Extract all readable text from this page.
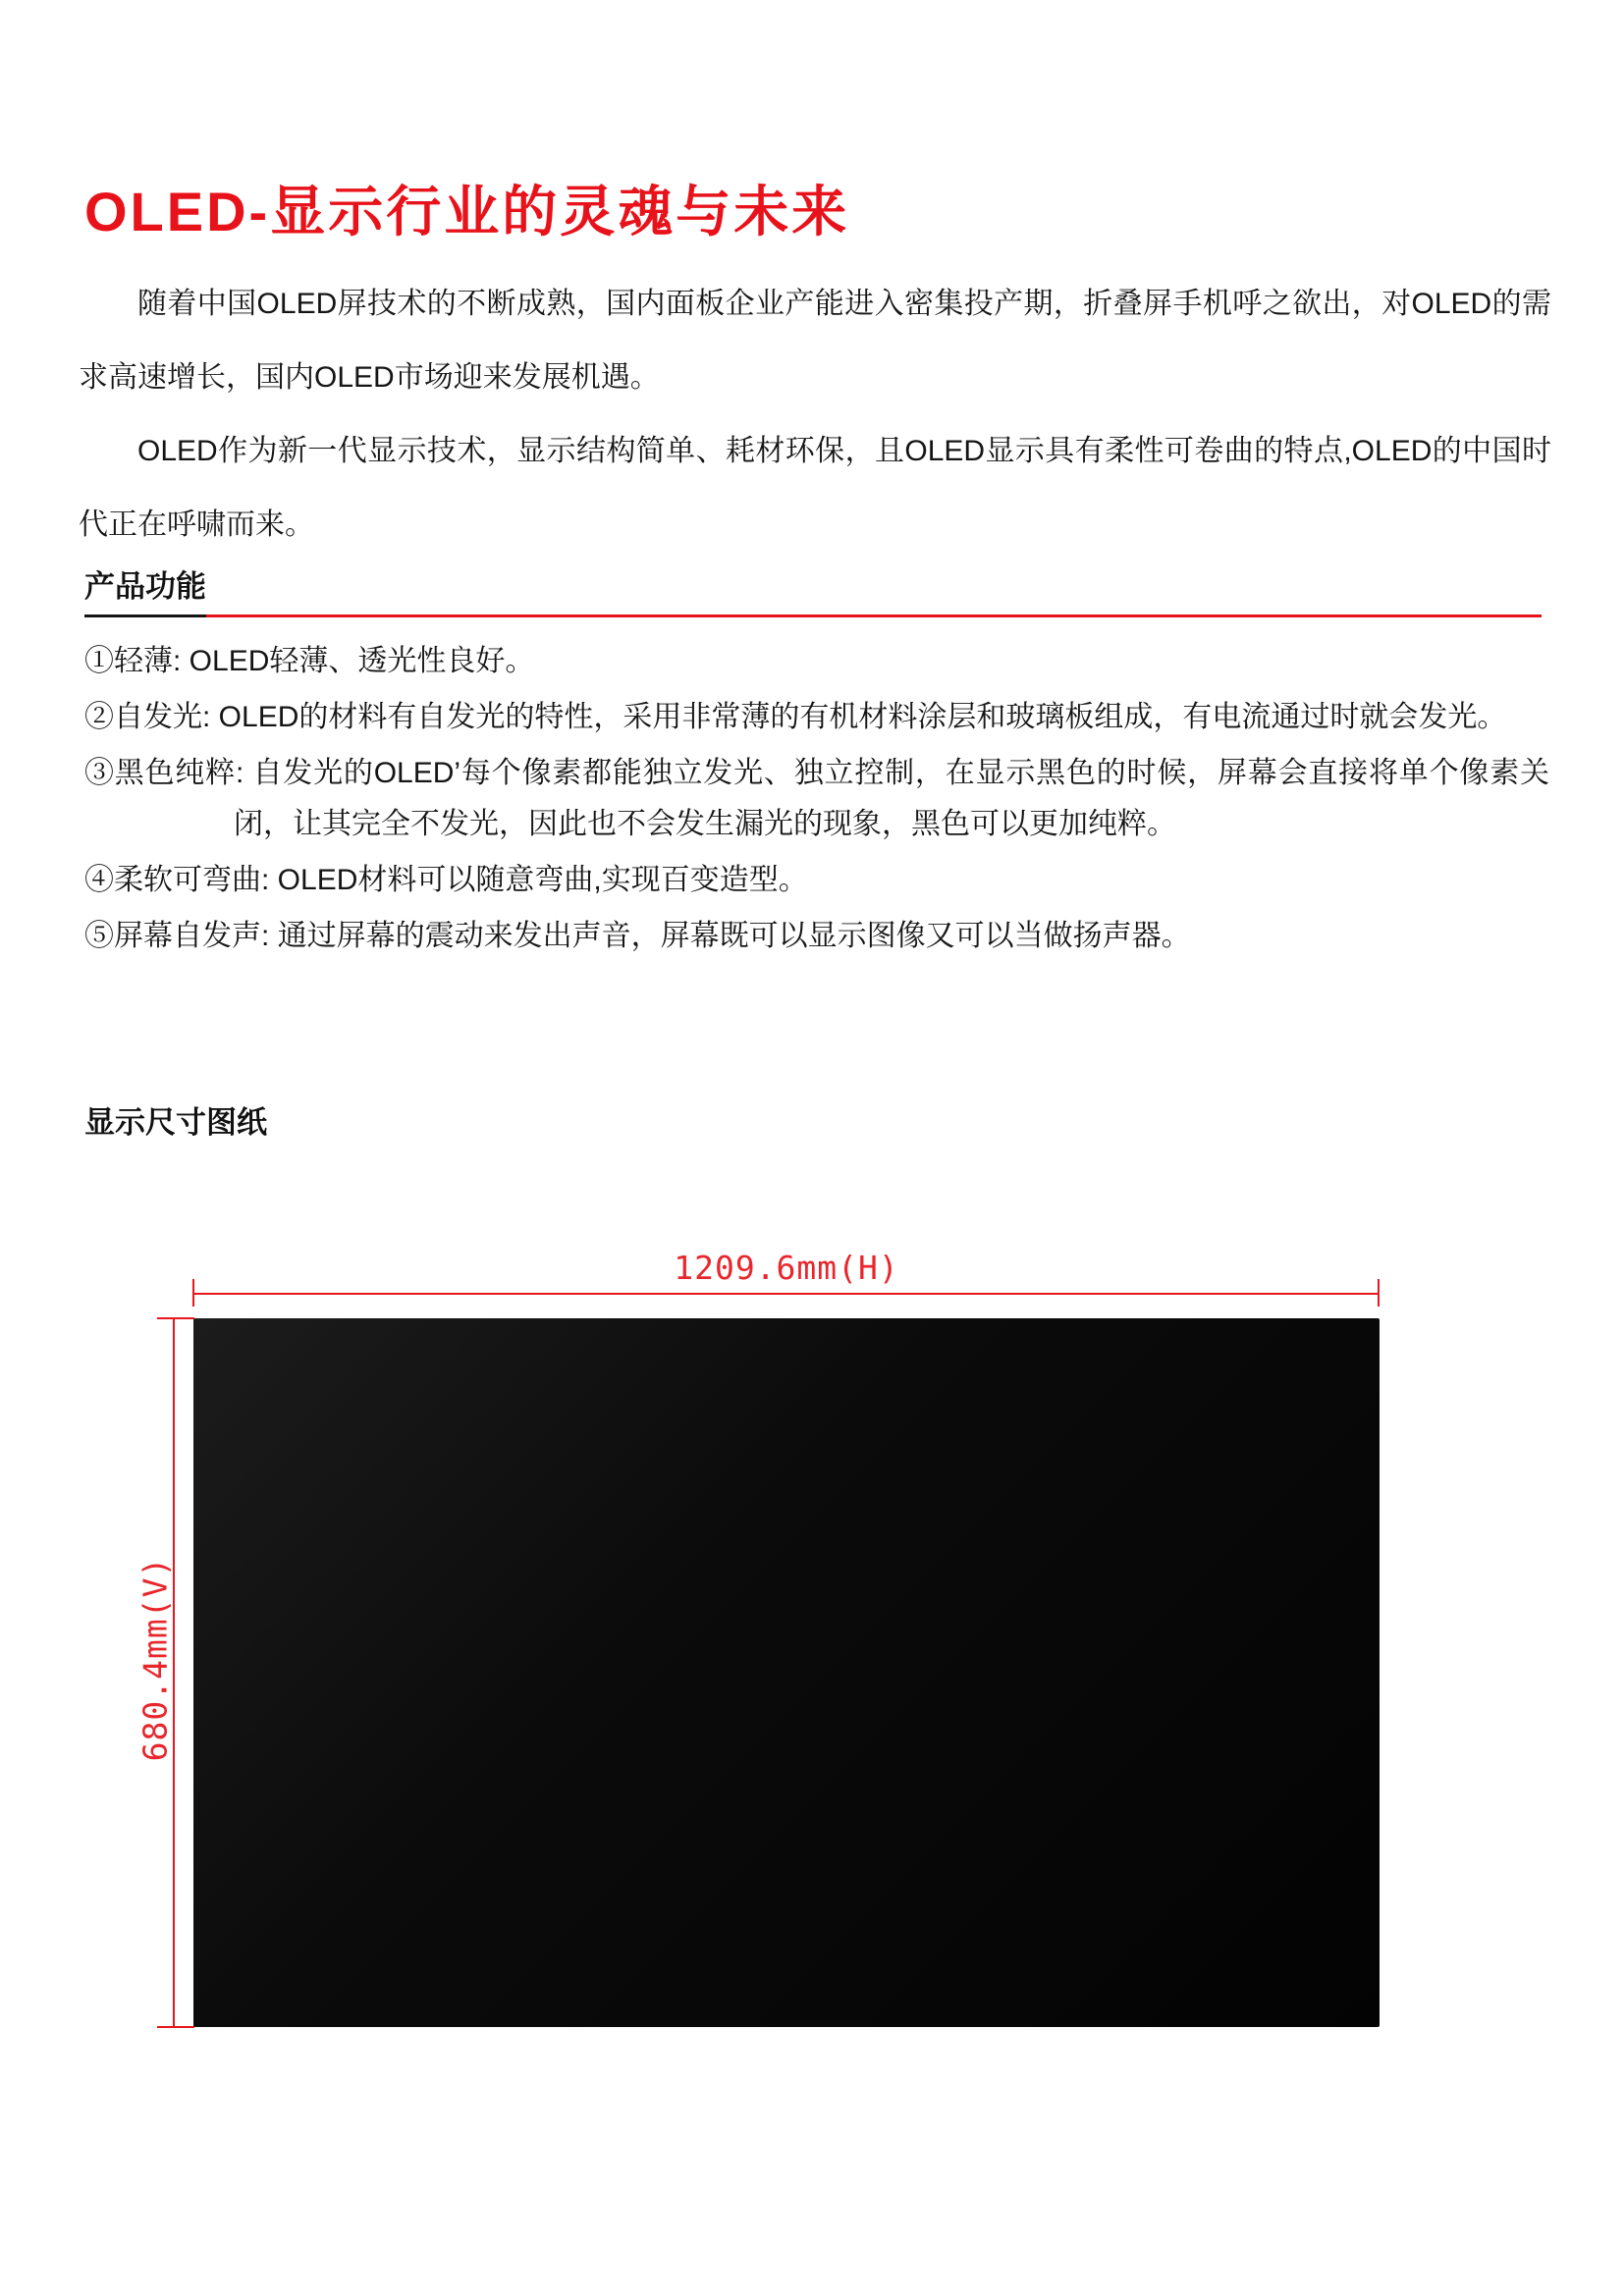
OLED-显示行业的灵魂与未来

随着中国OLED屏技术的不断成熟，国内面板企业产能进入密集投产期，折叠屏手机呼之欲出，对OLED的需求高速增长，国内OLED市场迎来发展机遇。

OLED作为新一代显示技术，显示结构简单、耗材环保，且OLED显示具有柔性可卷曲的特点,OLED的中国时代正在呼啸而来。

产品功能
①轻薄: OLED轻薄、透光性良好。
②自发光: OLED的材料有自发光的特性，采用非常薄的有机材料涂层和玻璃板组成，有电流通过时就会发光。
③黑色纯粹: 自发光的OLED’每个像素都能独立发光、独立控制，在显示黑色的时候，屏幕会直接将单个像素关闭，让其完全不发光，因此也不会发生漏光的现象，黑色可以更加纯粹。
④柔软可弯曲: OLED材料可以随意弯曲,实现百变造型。
⑤屏幕自发声: 通过屏幕的震动来发出声音，屏幕既可以显示图像又可以当做扬声器。
显示尺寸图纸
1209.6mm(H)
680.4mm(V)
